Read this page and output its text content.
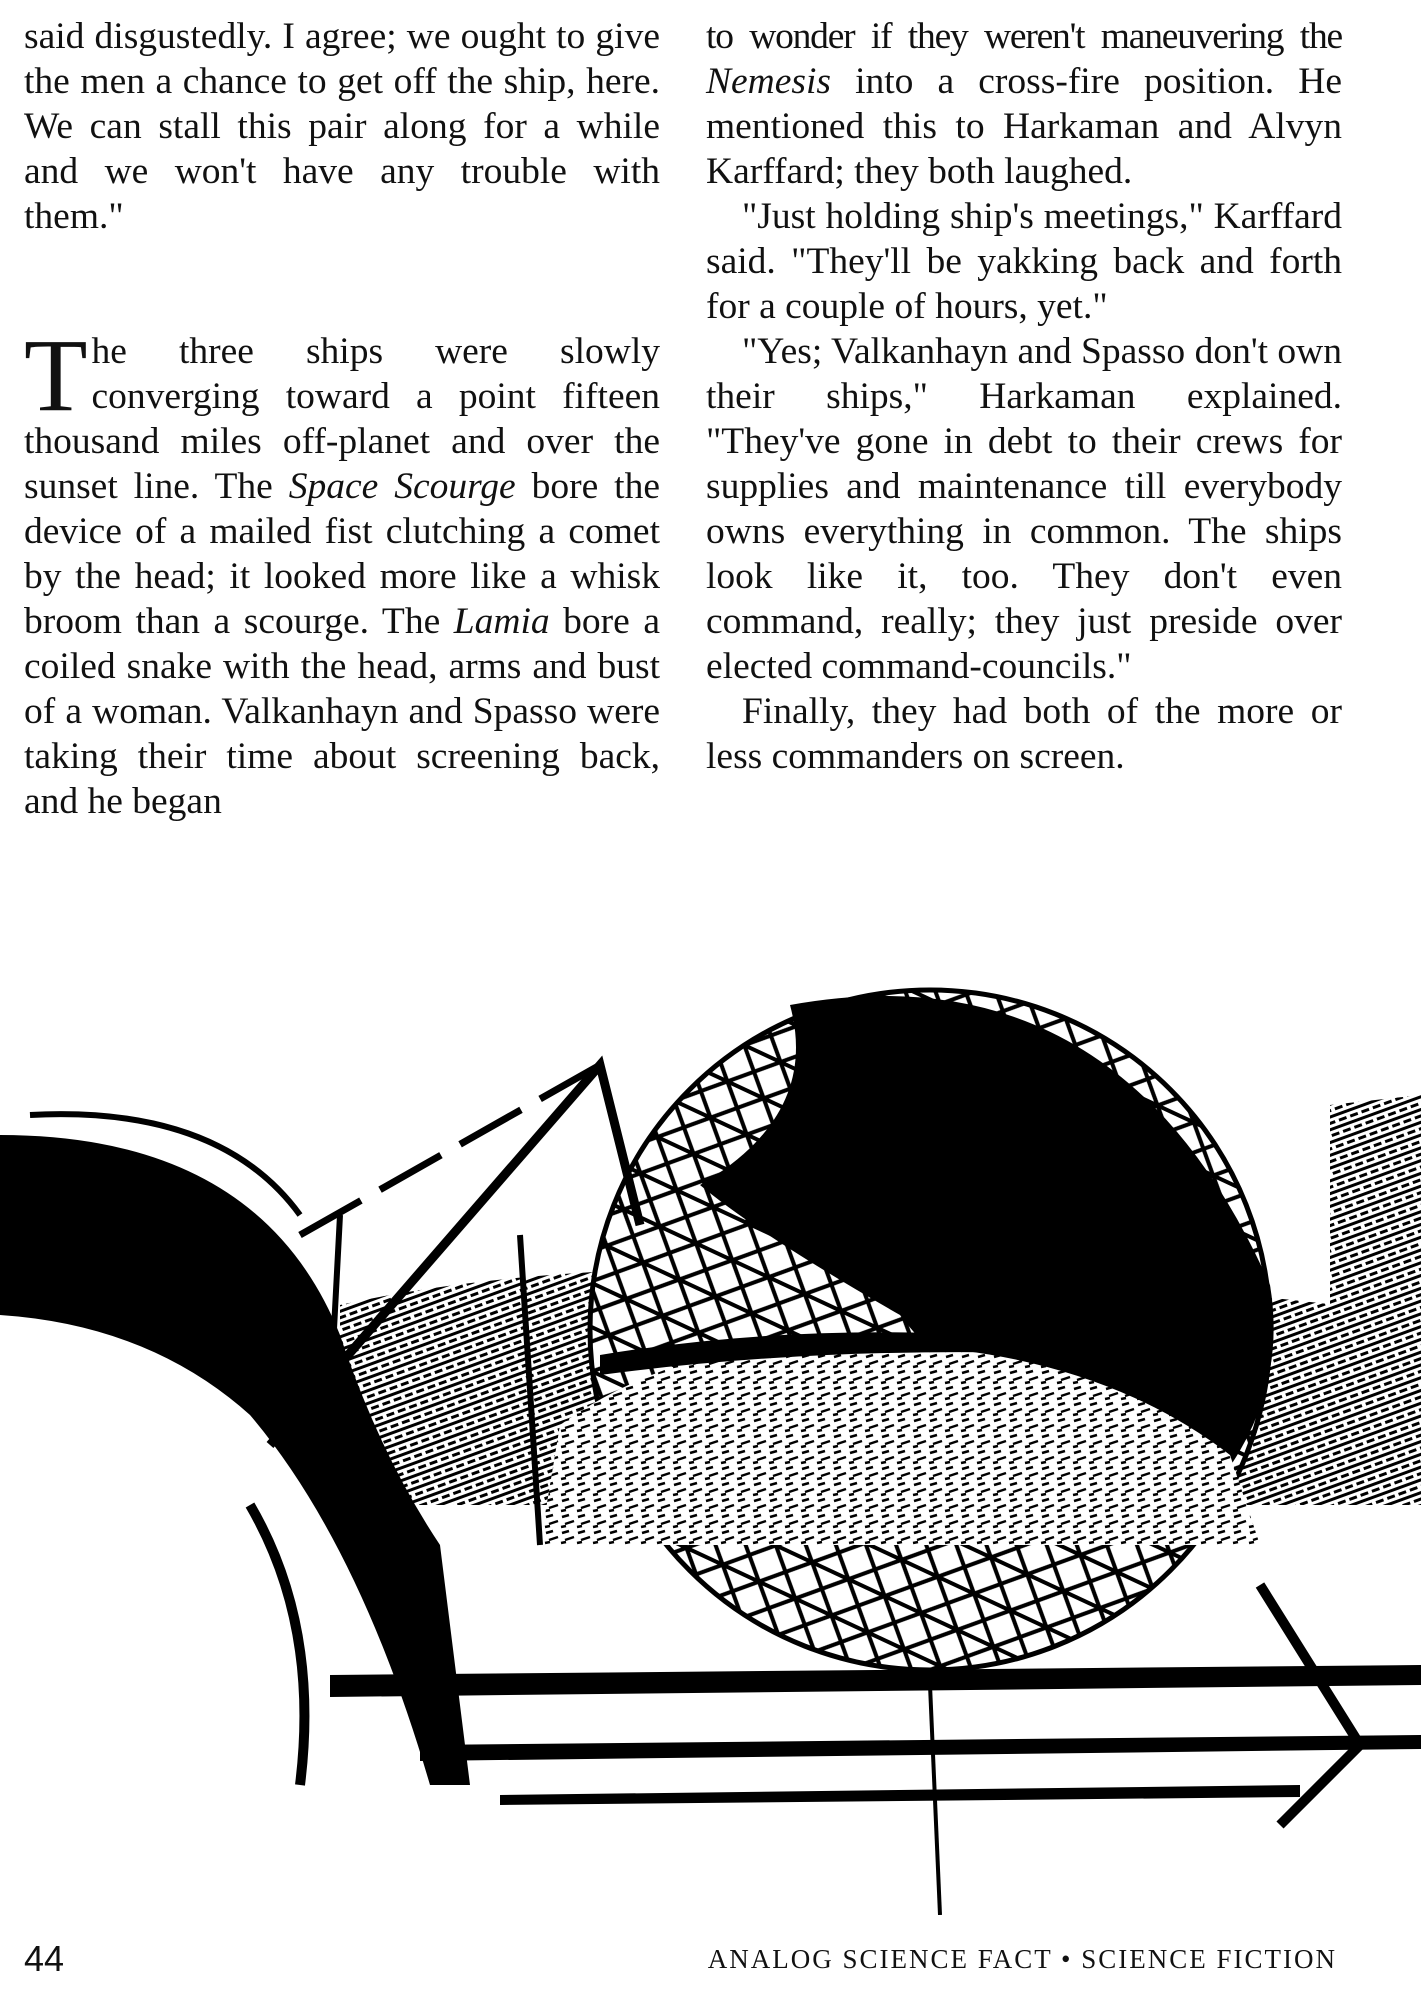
said disgustedly. I agree; we ought to give the men a chance to get off the ship, here. We can stall this pair along for a while and we won't have any trouble with them."

The three ships were slowly converging toward a point fifteen thousand miles off-planet and over the sunset line. The Space Scourge bore the device of a mailed fist clutching a comet by the head; it looked more like a whisk broom than a scourge. The Lamia bore a coiled snake with the head, arms and bust of a woman. Valkanhayn and Spasso were taking their time about screening back, and he began

to wonder if they weren't maneuvering the Nemesis into a cross-fire position. He mentioned this to Harkaman and Alvyn Karffard; they both laughed.

"Just holding ship's meetings," Karffard said. "They'll be yakking back and forth for a couple of hours, yet."

"Yes; Valkanhayn and Spasso don't own their ships," Harkaman explained. "They've gone in debt to their crews for supplies and maintenance till everybody owns everything in common. The ships look like it, too. They don't even command, really; they just preside over elected command-councils."

Finally, they had both of the more or less commanders on screen.

44	ANALOG SCIENCE FACT • SCIENCE FICTION
